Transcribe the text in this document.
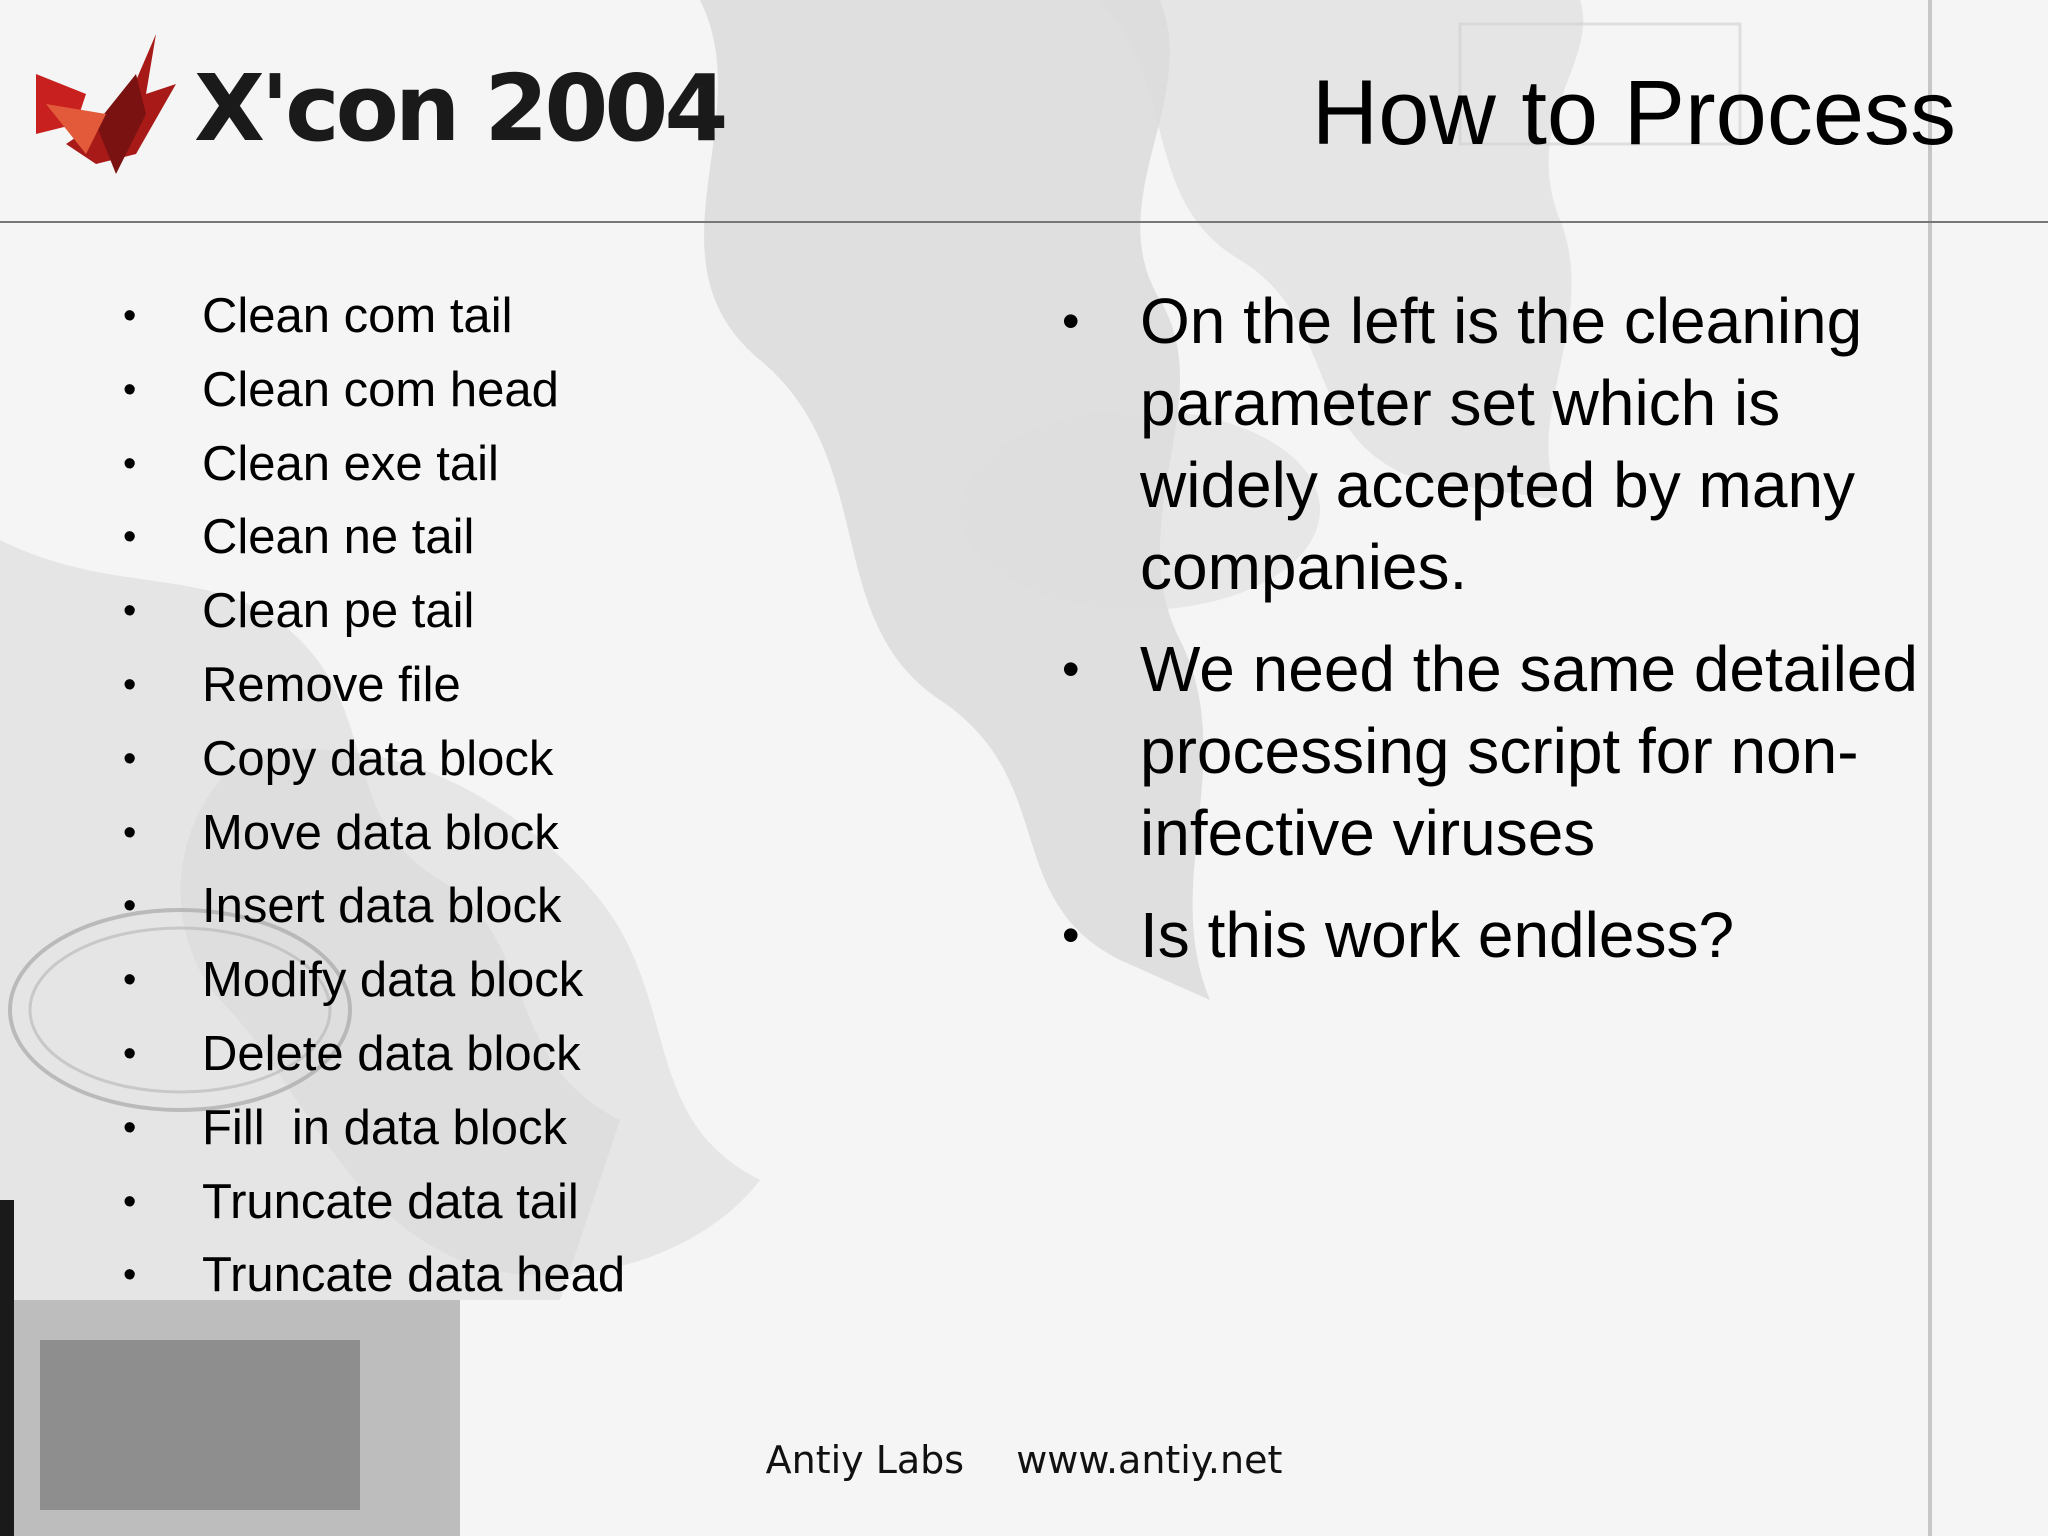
X'con 2004	How to Process
• Clean com tail
• Clean com head
• Clean exe tail
• Clean ne tail
• Clean pe tail
• Remove file
• Copy data block
• Move data block
• Insert data block
• Modify data block
• Delete data block
• Fill  in data block
• Truncate data tail
• Truncate data head
• On the left is the cleaning parameter set which is widely accepted by many companies.
• We need the same detailed processing script for non-infective viruses
• Is this work endless?
Antiy Labs www.antiy.net
